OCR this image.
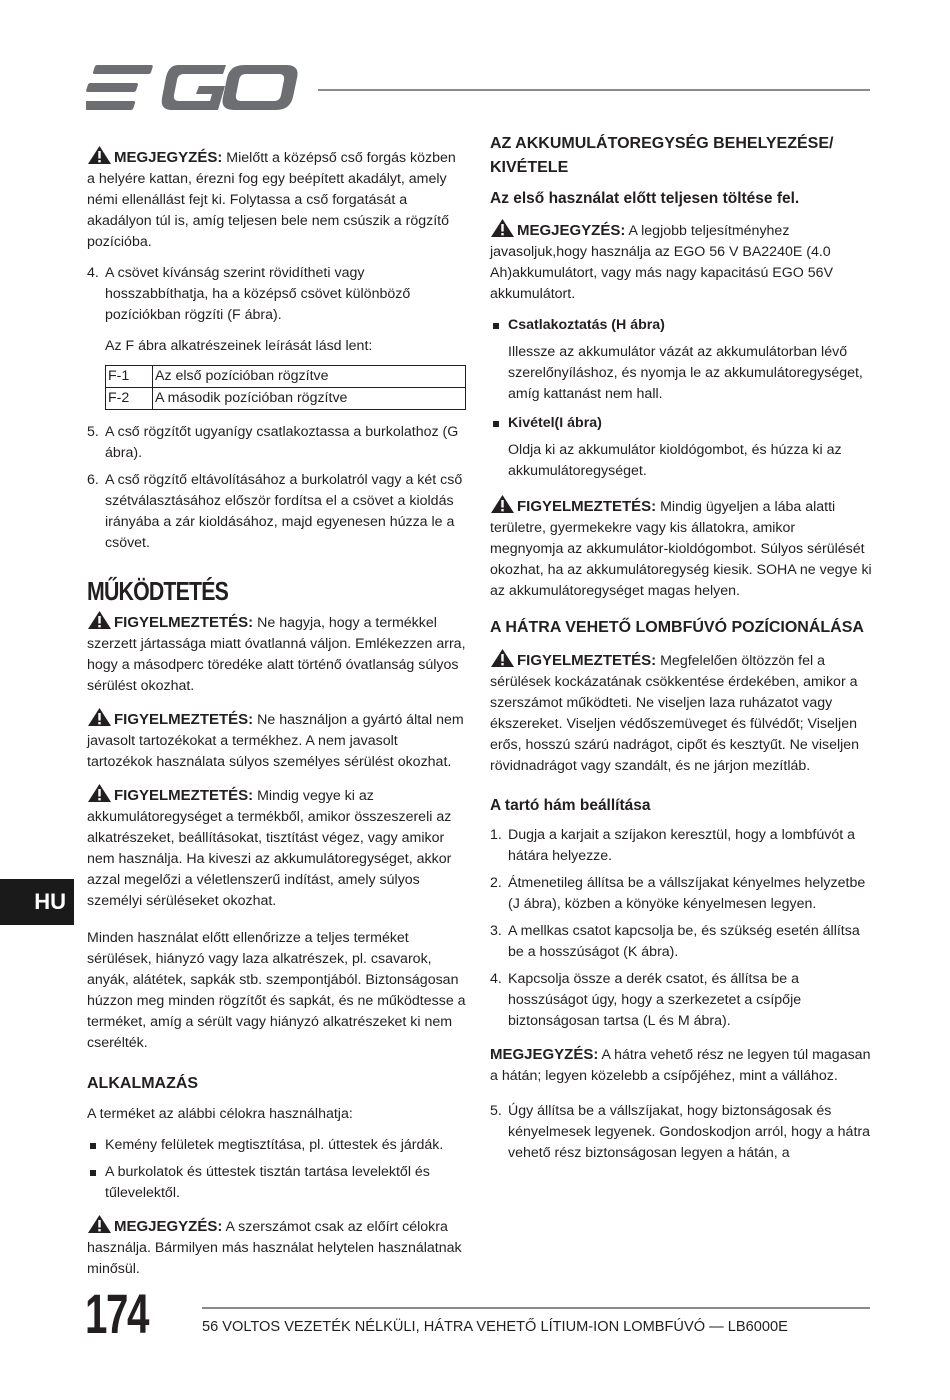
MEGJEGYZÉS: Mielőtt a középső cső forgás közben a helyére kattan, érezni fog egy beépített akadályt, amely némi ellenállást fejt ki. Folytassa a cső forgatását a akadályon túl is, amíg teljesen bele nem csúszik a rögzítő pozícióba.

4. A csövet kívánság szerint rövidítheti vagy hosszabbíthatja, ha a középső csövet különböző pozíciókban rögzíti (F ábra).

Az F ábra alkatrészeinek leírását lásd lent:

F-1	Az első pozícióban rögzítve
F-2	A második pozícióban rögzítve
5. A cső rögzítőt ugyanígy csatlakoztassa a burkolathoz (G ábra).
6. A cső rögzítő eltávolításához a burkolatról vagy a két cső szétválasztásához először fordítsa el a csövet a kioldás irányába a zár kioldásához, majd egyenesen húzza le a csövet.
MŰKÖDTETÉS

FIGYELMEZTETÉS: Ne hagyja, hogy a termékkel szerzett jártassága miatt óvatlanná váljon. Emlékezzen arra, hogy a másodperc töredéke alatt történő óvatlanság súlyos sérülést okozhat.

FIGYELMEZTETÉS: Ne használjon a gyártó által nem javasolt tartozékokat a termékhez. A nem javasolt tartozékok használata súlyos személyes sérülést okozhat.

FIGYELMEZTETÉS: Mindig vegye ki az akkumulátoregységet a termékből, amikor összeszereli az alkatrészeket, beállításokat, tisztítást végez, vagy amikor nem használja. Ha kiveszi az akkumulátoregységet, akkor azzal megelőzi a véletlenszerű indítást, amely súlyos személyi sérüléseket okozhat.

Minden használat előtt ellenőrizze a teljes terméket sérülések, hiányzó vagy laza alkatrészek, pl. csavarok, anyák, alátétek, sapkák stb. szempontjából. Biztonságosan húzzon meg minden rögzítőt és sapkát, és ne működtesse a terméket, amíg a sérült vagy hiányzó alkatrészeket ki nem cserélték.

ALKALMAZÁS

A terméket az alábbi célokra használhatja:

Kemény felületek megtisztítása, pl. úttestek és járdák.
A burkolatok és úttestek tisztán tartása levelektől és tűlevelektől.

MEGJEGYZÉS: A szerszámot csak az előírt célokra használja. Bármilyen más használat helytelen használatnak minősül.

AZ AKKUMULÁTOREGYSÉG BEHELYEZÉSE/ KIVÉTELE

Az első használat előtt teljesen töltése fel.

MEGJEGYZÉS: A legjobb teljesítményhez javasoljuk,hogy használja az EGO 56 V BA2240E (4.0 Ah)akkumulátort, vagy más nagy kapacitású EGO 56V akkumulátort.

Csatlakoztatás (H ábra)

Illessze az akkumulátor vázát az akkumulátorban lévő szerelőnyíláshoz, és nyomja le az akkumulátoregységet, amíg kattanást nem hall.

Kivétel(I ábra)

Oldja ki az akkumulátor kioldógombot, és húzza ki az akkumulátoregységet.

FIGYELMEZTETÉS: Mindig ügyeljen a lába alatti területre, gyermekekre vagy kis állatokra, amikor megnyomja az akkumulátor-kioldógombot. Súlyos sérülését okozhat, ha az akkumulátoregység kiesik. SOHA ne vegye ki az akkumulátoregységet magas helyen.

A HÁTRA VEHETŐ LOMBFÚVÓ POZÍCIONÁLÁSA

FIGYELMEZTETÉS: Megfelelően öltözzön fel a sérülések kockázatának csökkentése érdekében, amikor a szerszámot működteti. Ne viseljen laza ruházatot vagy ékszereket. Viseljen védőszemüveget és fülvédőt; Viseljen erős, hosszú szárú nadrágot, cipőt és kesztyűt. Ne viseljen rövidnadrágot vagy szandált, és ne járjon mezítláb.

A tartó hám beállítása
1. Dugja a karjait a szíjakon keresztül, hogy a lombfúvót a hátára helyezze.
2. Átmenetileg állítsa be a vállszíjakat kényelmes helyzetbe (J ábra), közben a könyöke kényelmesen legyen.
3. A mellkas csatot kapcsolja be, és szükség esetén állítsa be a hosszúságot (K ábra).
4. Kapcsolja össze a derék csatot, és állítsa be a hosszúságot úgy, hogy a szerkezetet a csípője biztonságosan tartsa (L és M ábra).

MEGJEGYZÉS: A hátra vehető rész ne legyen túl magasan a hátán; legyen közelebb a csípőjéhez, mint a vállához.

5. Úgy állítsa be a vállszíjakat, hogy biztonságosak és kényelmesek legyenek. Gondoskodjon arról, hogy a hátra vehető rész biztonságosan legyen a hátán, a
HU
174	56 VOLTOS VEZETÉK NÉLKÜLI, HÁTRA VEHETŐ LÍTIUM-ION LOMBFÚVÓ — LB6000E
